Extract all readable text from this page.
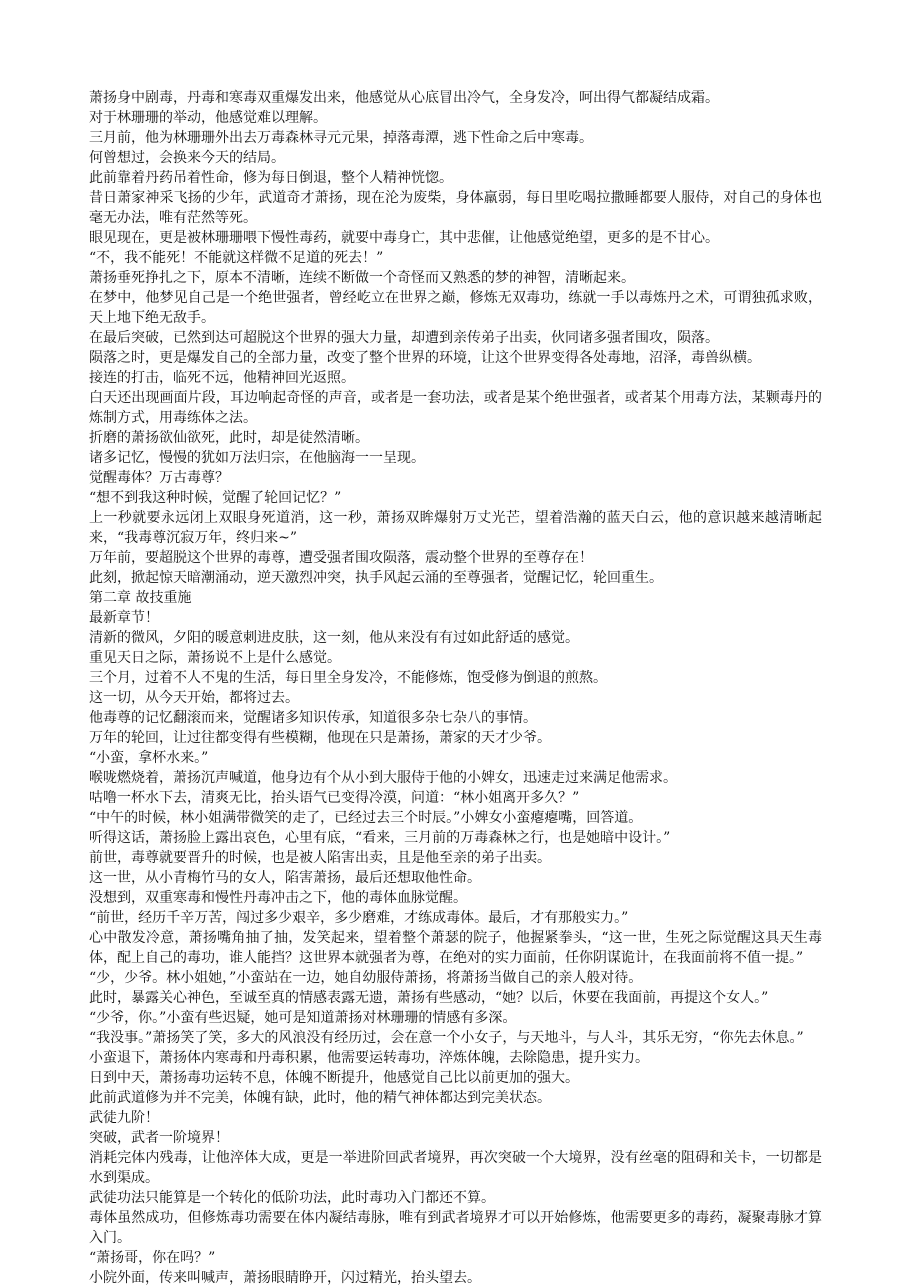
萧扬身中剧毒，丹毒和寒毒双重爆发出来，他感觉从心底冒出冷气，全身发冷，呵出得气都凝结成霜。

对于林珊珊的举动，他感觉难以理解。

三月前，他为林珊珊外出去万毒森林寻元元果，掉落毒潭，逃下性命之后中寒毒。

何曾想过，会换来今天的结局。

此前靠着丹药吊着性命，修为每日倒退，整个人精神恍惚。

昔日萧家神采飞扬的少年，武道奇才萧扬，现在沦为废柴，身体羸弱，每日里吃喝拉撒睡都要人服侍，对自己的身体也毫无办法，唯有茫然等死。

眼见现在，更是被林珊珊喂下慢性毒药，就要中毒身亡，其中悲催，让他感觉绝望，更多的是不甘心。

“不，我不能死！不能就这样微不足道的死去！”

萧扬垂死挣扎之下，原本不清晰，连续不断做一个奇怪而又熟悉的梦的神智，清晰起来。

在梦中，他梦见自己是一个绝世强者，曾经屹立在世界之巅，修炼无双毒功，练就一手以毒炼丹之术，可谓独孤求败，天上地下绝无敌手。

在最后突破，已然到达可超脱这个世界的强大力量，却遭到亲传弟子出卖，伙同诸多强者围攻，陨落。

陨落之时，更是爆发自己的全部力量，改变了整个世界的环境，让这个世界变得各处毒地，沼泽，毒兽纵横。

接连的打击，临死不远，他精神回光返照。

白天还出现画面片段，耳边响起奇怪的声音，或者是一套功法，或者是某个绝世强者，或者某个用毒方法，某颗毒丹的炼制方式，用毒练体之法。

折磨的萧扬欲仙欲死，此时，却是徒然清晰。

诸多记忆，慢慢的犹如万法归宗，在他脑海一一呈现。

觉醒毒体？万古毒尊？

“想不到我这种时候，觉醒了轮回记忆？”

上一秒就要永远闭上双眼身死道消，这一秒，萧扬双眸爆射万丈光芒，望着浩瀚的蓝天白云，他的意识越来越清晰起来，“我毒尊沉寂万年，终归来~”

万年前，要超脱这个世界的毒尊，遭受强者围攻陨落，震动整个世界的至尊存在！

此刻，掀起惊天暗潮涌动，逆天激烈冲突，执手风起云涌的至尊强者，觉醒记忆，轮回重生。

第二章 故技重施

最新章节！

清新的微风，夕阳的暖意刺进皮肤，这一刻，他从来没有有过如此舒适的感觉。

重见天日之际，萧扬说不上是什么感觉。

三个月，过着不人不鬼的生活，每日里全身发冷，不能修炼，饱受修为倒退的煎熬。

这一切，从今天开始，都将过去。

他毒尊的记忆翻滚而来，觉醒诸多知识传承，知道很多杂七杂八的事情。

万年的轮回，让过往都变得有些模糊，他现在只是萧扬，萧家的天才少爷。

“小蛮，拿杯水来。”

喉咙燃烧着，萧扬沉声喊道，他身边有个从小到大服侍于他的小婢女，迅速走过来满足他需求。

咕噜一杯水下去，清爽无比，抬头语气已变得冷漠，问道：“林小姐离开多久？”

“中午的时候，林小姐满带微笑的走了，已经过去三个时辰。”小婢女小蛮瘪瘪嘴，回答道。

听得这话，萧扬脸上露出哀色，心里有底，“看来，三月前的万毒森林之行，也是她暗中设计。”

前世，毒尊就要晋升的时候，也是被人陷害出卖，且是他至亲的弟子出卖。

这一世，从小青梅竹马的女人，陷害萧扬，最后还想取他性命。

没想到，双重寒毒和慢性丹毒冲击之下，他的毒体血脉觉醒。

“前世，经历千辛万苦，闯过多少艰辛，多少磨难，才练成毒体。最后，才有那般实力。”

心中散发冷意，萧扬嘴角抽了抽，发笑起来，望着整个萧瑟的院子，他握紧拳头，“这一世，生死之际觉醒这具天生毒体，配上自己的毒功，谁人能挡？这世界本就强者为尊，在绝对的实力面前，任你阴谋诡计，在我面前将不值一提。”

“少，少爷。林小姐她，”小蛮站在一边，她自幼服侍萧扬，将萧扬当做自己的亲人般对待。

此时，暴露关心神色，至诚至真的情感表露无遗，萧扬有些感动，“她？以后，休要在我面前，再提这个女人。”

“少爷，你。”小蛮有些迟疑，她可是知道萧扬对林珊珊的情感有多深。

“我没事。”萧扬笑了笑，多大的风浪没有经历过，会在意一个小女子，与天地斗，与人斗，其乐无穷，“你先去休息。”

小蛮退下，萧扬体内寒毒和丹毒积累，他需要运转毒功，淬炼体魄，去除隐患，提升实力。

日到中天，萧扬毒功运转不息，体魄不断提升，他感觉自己比以前更加的强大。

此前武道修为并不完美，体魄有缺，此时，他的精气神体都达到完美状态。

武徒九阶！

突破，武者一阶境界！

消耗完体内残毒，让他淬体大成，更是一举进阶回武者境界，再次突破一个大境界，没有丝毫的阻碍和关卡，一切都是水到渠成。

武徒功法只能算是一个转化的低阶功法，此时毒功入门都还不算。

毒体虽然成功，但修炼毒功需要在体内凝结毒脉，唯有到武者境界才可以开始修炼，他需要更多的毒药，凝聚毒脉才算入门。

“萧扬哥，你在吗？”

小院外面，传来叫喊声，萧扬眼睛睁开，闪过精光，抬头望去。
